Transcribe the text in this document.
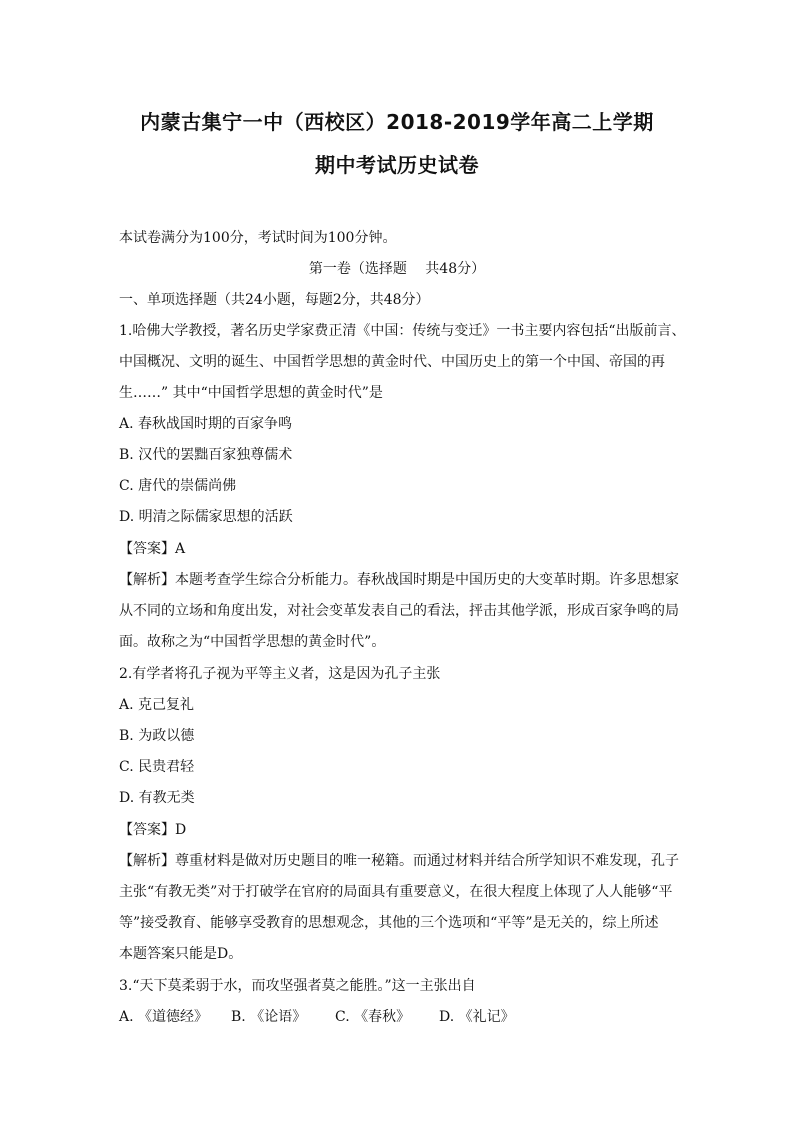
内蒙古集宁一中（西校区）2018-2019学年高二上学期
期中考试历史试卷
本试卷满分为100分，考试时间为100分钟。
第一卷（选择题　 共48分）
一、单项选择题（共24小题，每题2分，共48分）
1.哈佛大学教授，著名历史学家费正清《中国：传统与变迁》一书主要内容包括“出版前言、
中国概况、文明的诞生、中国哲学思想的黄金时代、中国历史上的第一个中国、帝国的再
生……” 其中“中国哲学思想的黄金时代”是
A. 春秋战国时期的百家争鸣
B. 汉代的罢黜百家独尊儒术
C. 唐代的崇儒尚佛
D. 明清之际儒家思想的活跃
【答案】A
【解析】本题考查学生综合分析能力。春秋战国时期是中国历史的大变革时期。许多思想家
从不同的立场和角度出发，对社会变革发表自己的看法，抨击其他学派，形成百家争鸣的局
面。故称之为“中国哲学思想的黄金时代”。
2.有学者将孔子视为平等主义者，这是因为孔子主张
A. 克己复礼
B. 为政以德
C. 民贵君轻
D. 有教无类
【答案】D
【解析】尊重材料是做对历史题目的唯一秘籍。而通过材料并结合所学知识不难发现，孔子
主张“有教无类”对于打破学在官府的局面具有重要意义，在很大程度上体现了人人能够“平
等”接受教育、能够享受教育的思想观念，其他的三个选项和“平等”是无关的，综上所述
本题答案只能是D。
3.“天下莫柔弱于水，而攻坚强者莫之能胜。”这一主张出自
A. 《道德经》 B. 《论语》 C. 《春秋》 D. 《礼记》
